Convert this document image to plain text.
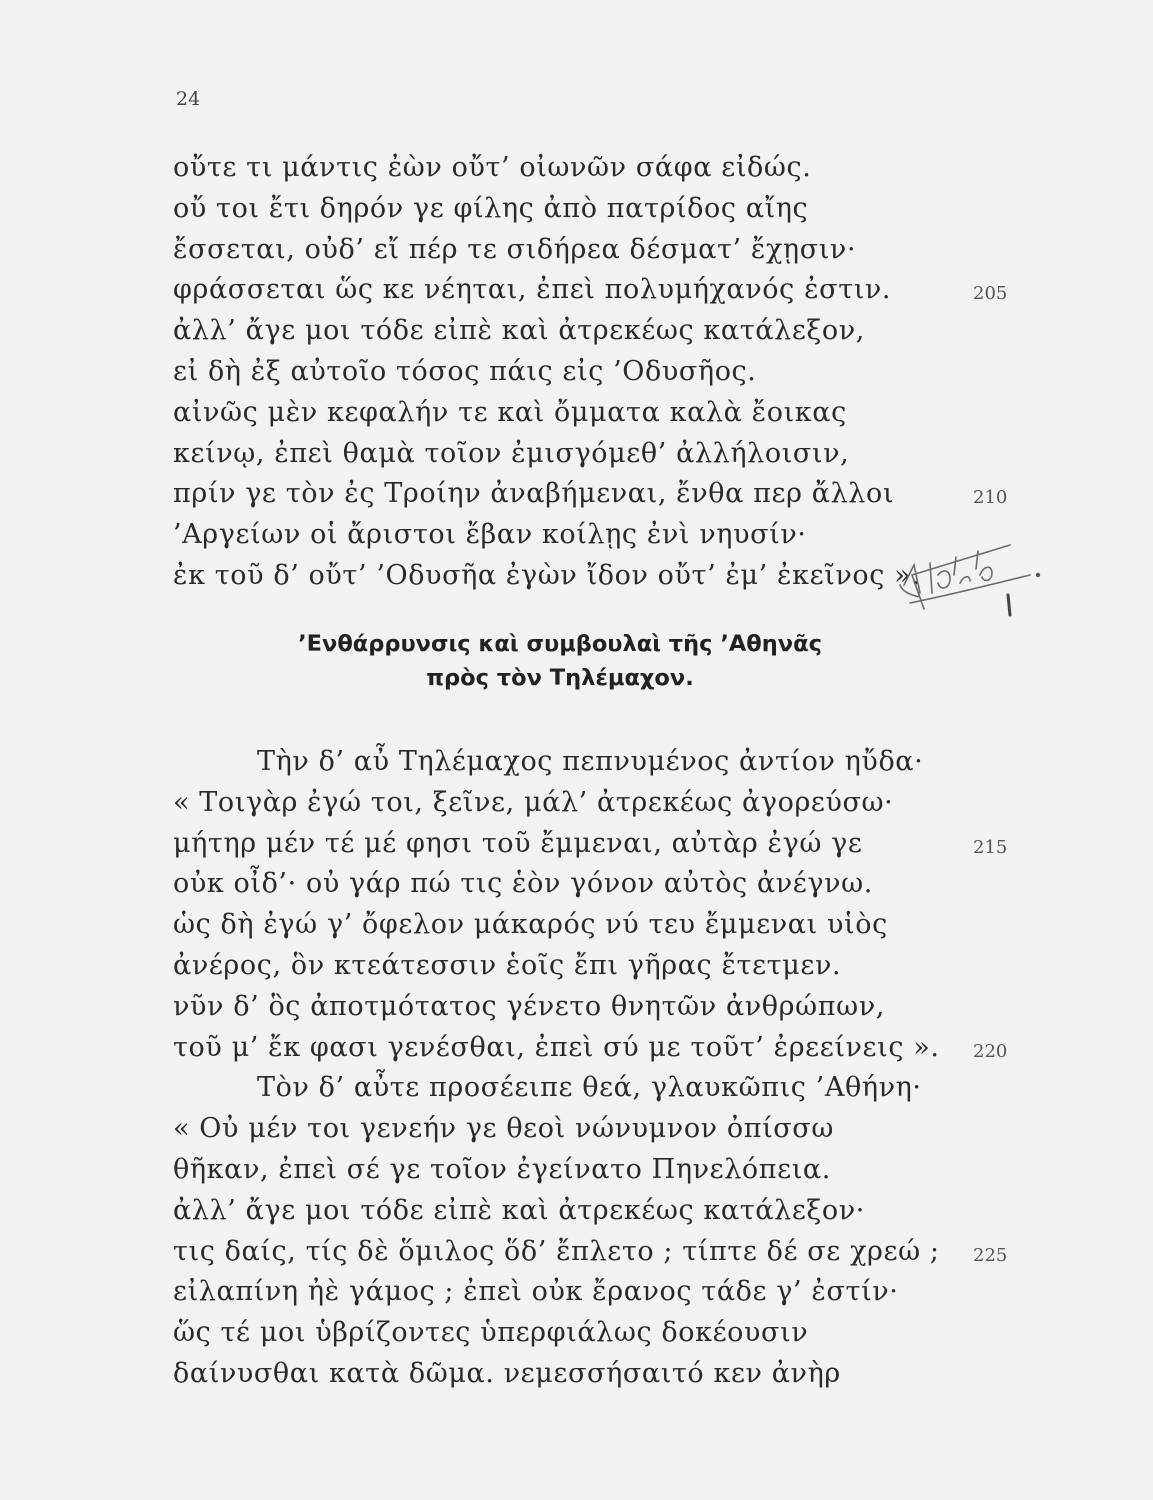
24
οὔτε τι μάντις ἐὼν οὔτ’ οἰωνῶν σάφα εἰδώς.
οὔ τοι ἔτι δηρόν γε φίλης ἀπὸ πατρίδος αἴης
ἔσσεται, οὐδ’ εἴ πέρ τε σιδήρεα δέσματ’ ἔχῃσιν·
φράσσεται ὥς κε νέηται, ἐπεὶ πολυμήχανός ἐστιν.	205
ἀλλ’ ἄγε μοι τόδε εἰπὲ καὶ ἀτρεκέως κατάλεξον,
εἰ δὴ ἐξ αὐτοῖο τόσος πάις εἰς ’Οδυσῆος.
αἰνῶς μὲν κεφαλήν τε καὶ ὄμματα καλὰ ἔοικας
κείνῳ, ἐπεὶ θαμὰ τοῖον ἐμισγόμεθ’ ἀλλήλοισιν,
πρίν γε τὸν ἐς Τροίην ἀναβήμεναι, ἔνθα περ ἄλλοι	210
’Αργείων οἱ ἄριστοι ἔβαν κοίλῃς ἐνὶ νηυσίν·
ἐκ τοῦ δ’ οὔτ’ ’Οδυσῆα ἐγὼν ἴδον οὔτ’ ἐμ’ ἐκεῖνος ».
’Ενθάρρυνσις καὶ συμβουλαὶ τῆς ’Αθηνᾶς
πρὸς τὸν Τηλέμαχον.
Τὴν δ’ αὖ Τηλέμαχος πεπνυμένος ἀντίον ηὔδα·
« Τοιγὰρ ἐγώ τοι, ξεῖνε, μάλ’ ἀτρεκέως ἀγορεύσω·
μήτηρ μέν τέ μέ φησι τοῦ ἔμμεναι, αὐτὰρ ἐγώ γε	215
οὐκ οἶδ’· οὐ γάρ πώ τις ἑὸν γόνον αὐτὸς ἀνέγνω.
ὡς δὴ ἐγώ γ’ ὄφελον μάκαρός νύ τευ ἔμμεναι υἱὸς
ἀνέρος, ὃν κτεάτεσσιν ἑοῖς ἔπι γῆρας ἔτετμεν.
νῦν δ’ ὃς ἀποτμότατος γένετο θνητῶν ἀνθρώπων,
τοῦ μ’ ἔκ φασι γενέσθαι, ἐπεὶ σύ με τοῦτ’ ἐρεείνεις ». 220
Τὸν δ’ αὖτε προσέειπε θεά, γλαυκῶπις ’Αθήνη·
« Οὐ μέν τοι γενεήν γε θεοὶ νώνυμνον ὀπίσσω
θῆκαν, ἐπεὶ σέ γε τοῖον ἐγείνατο Πηνελόπεια.
ἀλλ’ ἄγε μοι τόδε εἰπὲ καὶ ἀτρεκέως κατάλεξον·
τις δαίς, τίς δὲ ὅμιλος ὅδ’ ἔπλετο ; τίπτε δέ σε χρεώ ; 225
εἰλαπίνη ἠὲ γάμος ; ἐπεὶ οὐκ ἔρανος τάδε γ’ ἐστίν·
ὥς τέ μοι ὑβρίζοντες ὑπερφιάλως δοκέουσιν
δαίνυσθαι κατὰ δῶμα. νεμεσσήσαιτό κεν ἀνὴρ
